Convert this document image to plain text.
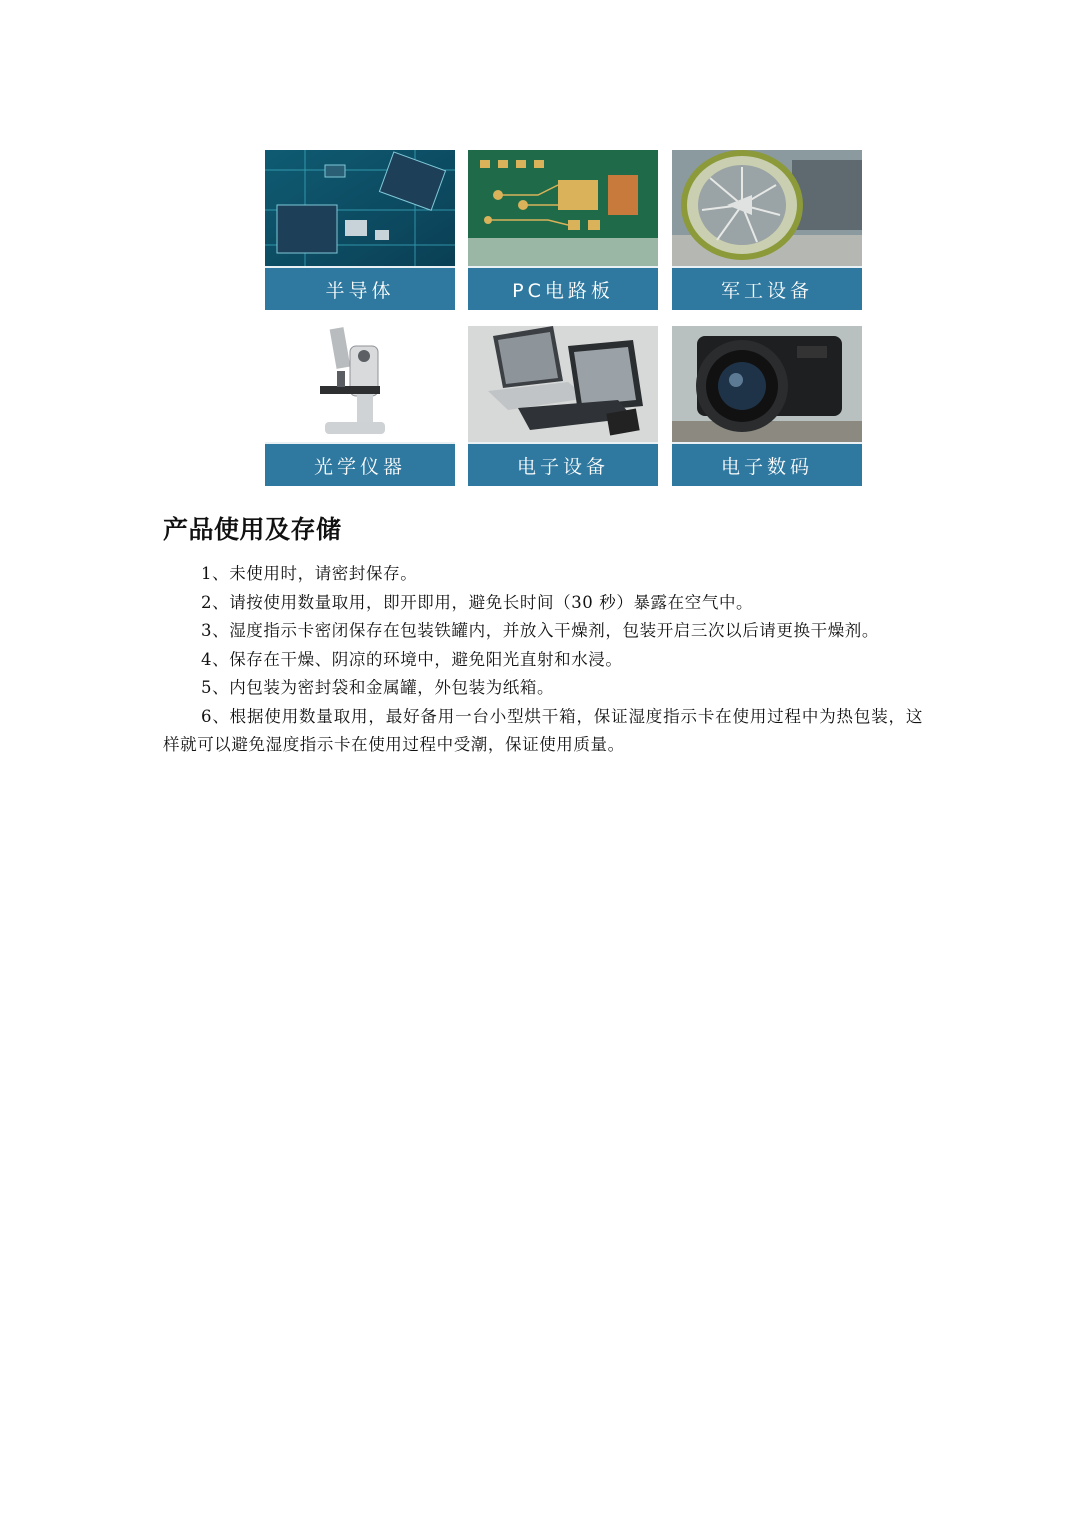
半导体	PC电路板	军工设备
光学仪器	电子设备	电子数码
产品使用及存储

1、未使用时，请密封保存。

2、请按使用数量取用，即开即用，避免长时间（30 秒）暴露在空气中。

3、湿度指示卡密闭保存在包装铁罐内，并放入干燥剂，包装开启三次以后请更换干燥剂。

4、保存在干燥、阴凉的环境中，避免阳光直射和水浸。

5、内包装为密封袋和金属罐，外包装为纸箱。

6、根据使用数量取用，最好备用一台小型烘干箱，保证湿度指示卡在使用过程中为热包装，这样就可以避免湿度指示卡在使用过程中受潮，保证使用质量。
